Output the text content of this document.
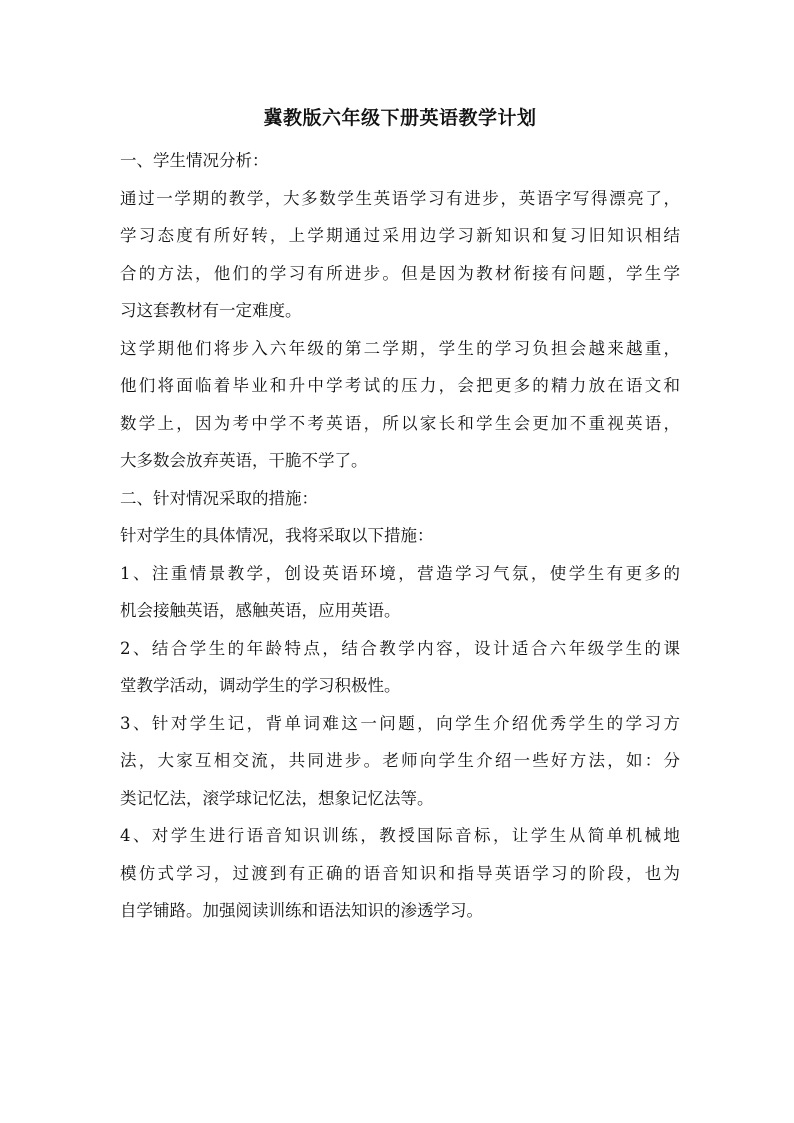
冀教版六年级下册英语教学计划
一、学生情况分析：
通过一学期的教学，大多数学生英语学习有进步，英语字写得漂亮了，
学习态度有所好转，上学期通过采用边学习新知识和复习旧知识相结
合的方法，他们的学习有所进步。但是因为教材衔接有问题，学生学
习这套教材有一定难度。
这学期他们将步入六年级的第二学期，学生的学习负担会越来越重，
他们将面临着毕业和升中学考试的压力，会把更多的精力放在语文和
数学上，因为考中学不考英语，所以家长和学生会更加不重视英语，
大多数会放弃英语，干脆不学了。
二、针对情况采取的措施：
针对学生的具体情况，我将采取以下措施：
1、注重情景教学，创设英语环境，营造学习气氛，使学生有更多的
机会接触英语，感触英语，应用英语。
2、结合学生的年龄特点，结合教学内容，设计适合六年级学生的课
堂教学活动，调动学生的学习积极性。
3、针对学生记，背单词难这一问题，向学生介绍优秀学生的学习方
法，大家互相交流，共同进步。老师向学生介绍一些好方法，如：分
类记忆法，滚学球记忆法，想象记忆法等。
4、对学生进行语音知识训练，教授国际音标，让学生从简单机械地
模仿式学习，过渡到有正确的语音知识和指导英语学习的阶段，也为
自学铺路。加强阅读训练和语法知识的渗透学习。
